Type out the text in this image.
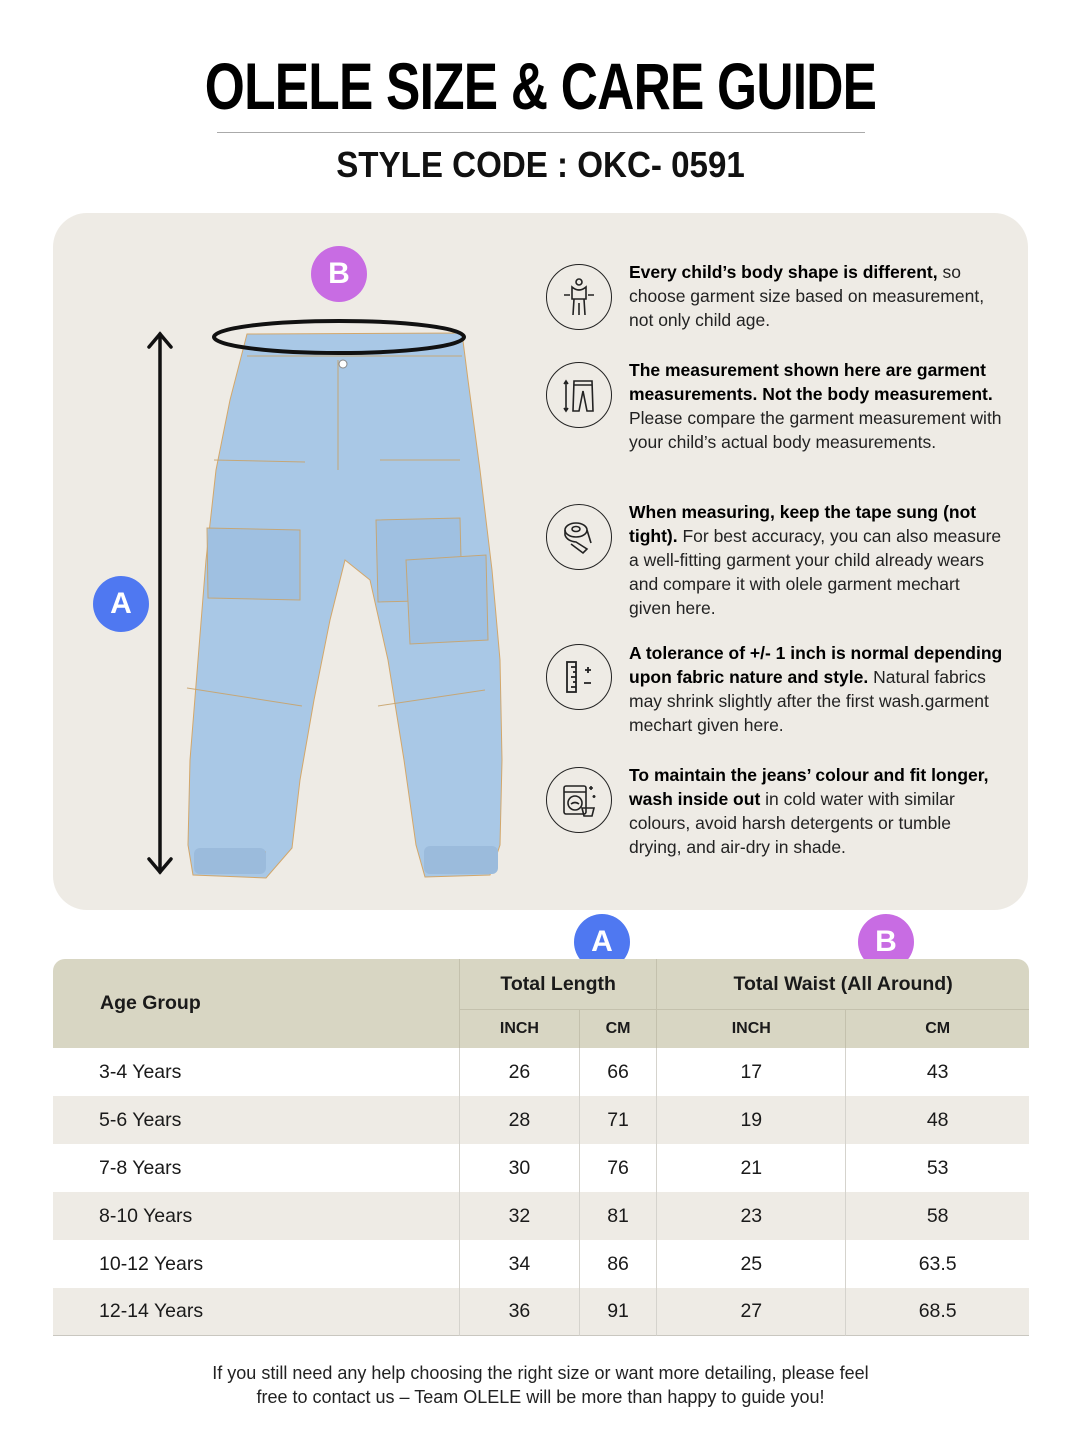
OLELE SIZE & CARE GUIDE
STYLE CODE : OKC- 0591
B
A
Every child’s body shape is different, so choose garment size based on measurement, not only child age.
The measurement shown here are garment measurements. Not the body measurement. Please compare the garment measurement with your child’s actual body measurements.
When measuring, keep the tape sung (not tight). For best accuracy, you can also measure a well-fitting garment your child already wears and compare it with olele garment mechart given here.
A tolerance of +/- 1 inch is normal depending upon fabric nature and style. Natural fabrics may shrink slightly after the first wash.garment mechart given here.
To maintain the jeans’ colour and fit longer, wash inside out in cold water with similar colours, avoid harsh detergents or tumble drying, and air-dry in shade.
A	B
Age Group	Total Length		Total Waist (All Around)	
	INCH	CM	INCH	CM
3-4 Years	26	66	17	43
5-6 Years	28	71	19	48
7-8 Years	30	76	21	53
8-10 Years	32	81	23	58
10-12 Years	34	86	25	63.5
12-14 Years	36	91	27	68.5
If you still need any help choosing the right size or want more detailing, please feel
free to contact us – Team OLELE will be more than happy to guide you!
